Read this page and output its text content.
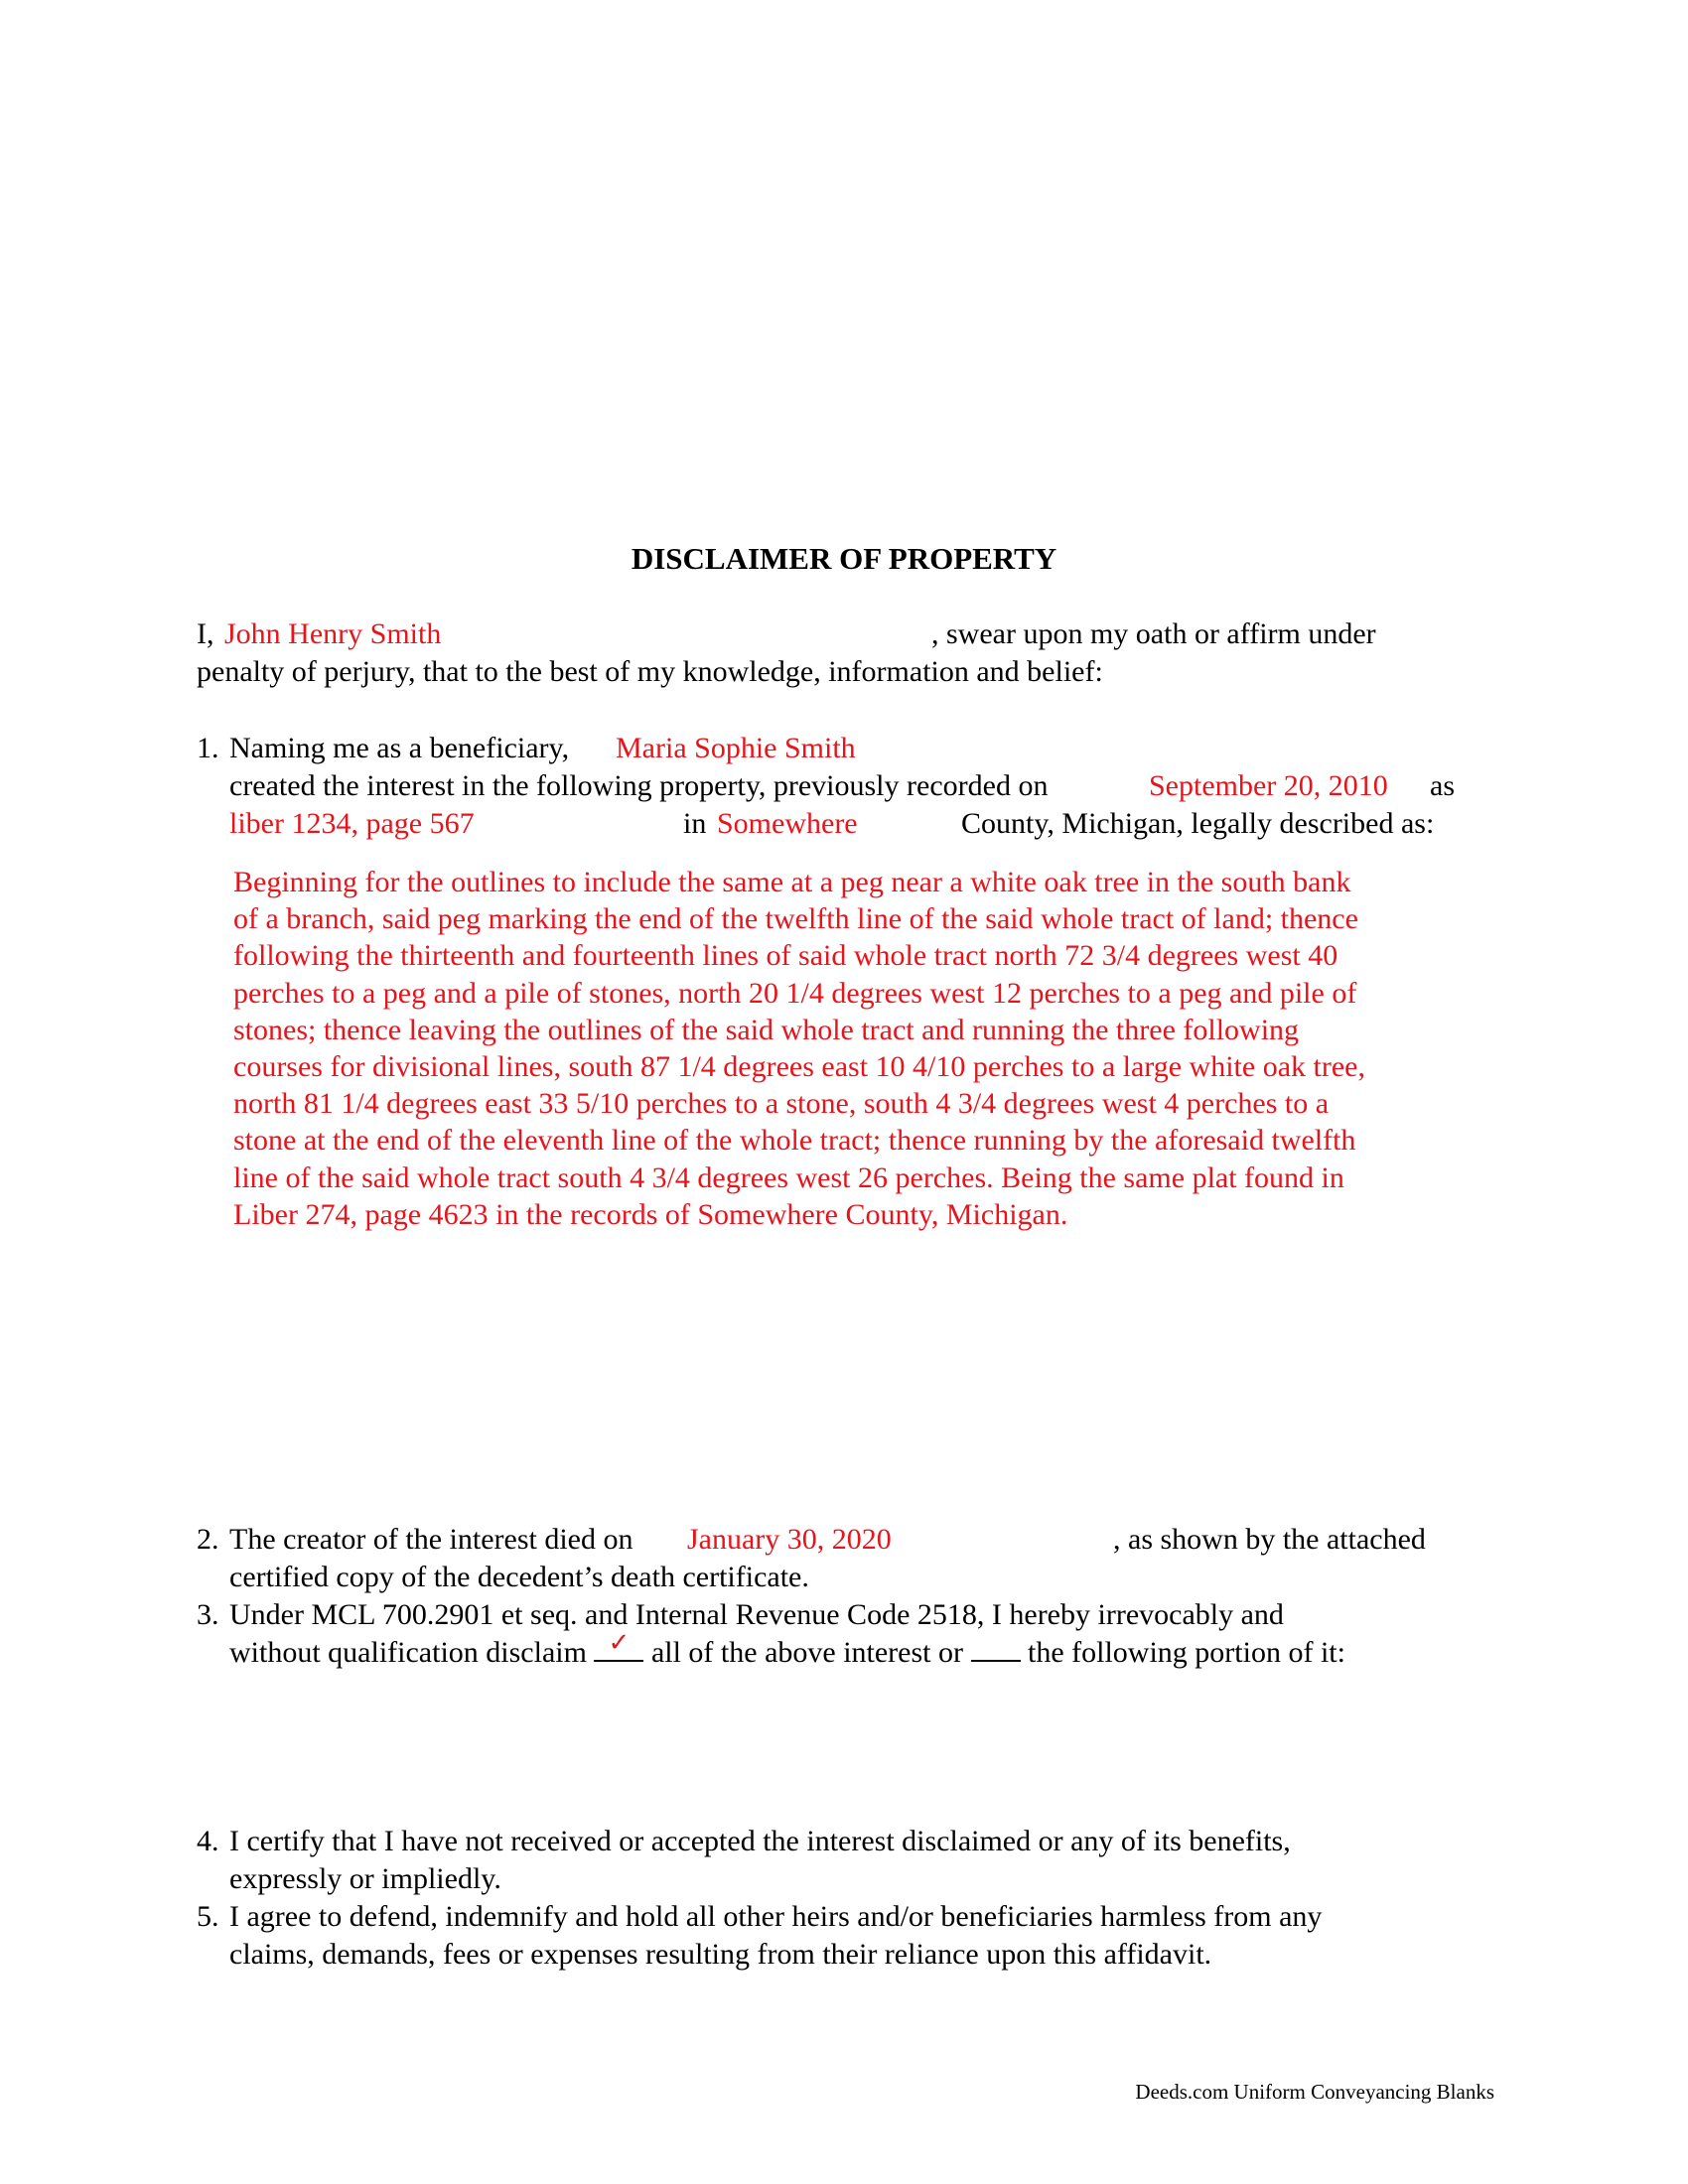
DISCLAIMER OF PROPERTY
I, John Henry Smith	, swear upon my oath or affirm under
penalty of perjury, that to the best of my knowledge, information and belief:
1. Naming me as a beneficiary, Maria Sophie Smith
created the interest in the following property, previously recorded on	September 20, 2010 as
liber 1234, page 567	in Somewhere	County, Michigan, legally described as:
Beginning for the outlines to include the same at a peg near a white oak tree in the south bank
of a branch, said peg marking the end of the twelfth line of the said whole tract of land; thence
following the thirteenth and fourteenth lines of said whole tract north 72 3/4 degrees west 40
perches to a peg and a pile of stones, north 20 1/4 degrees west 12 perches to a peg and pile of
stones; thence leaving the outlines of the said whole tract and running the three following
courses for divisional lines, south 87 1/4 degrees east 10 4/10 perches to a large white oak tree,
north 81 1/4 degrees east 33 5/10 perches to a stone, south 4 3/4 degrees west 4 perches to a
stone at the end of the eleventh line of the whole tract; thence running by the aforesaid twelfth
line of the said whole tract south 4 3/4 degrees west 26 perches. Being the same plat found in
Liber 274, page 4623 in the records of Somewhere County, Michigan.
2. The creator of the interest died on January 30, 2020	, as shown by the attached
certified copy of the decedent’s death certificate.
3. Under MCL 700.2901 et seq. and Internal Revenue Code 2518, I hereby irrevocably and
without qualification disclaim ✓ all of the above interest or the following portion of it:
4. I certify that I have not received or accepted the interest disclaimed or any of its benefits,
expressly or impliedly.
5. I agree to defend, indemnify and hold all other heirs and/or beneficiaries harmless from any
claims, demands, fees or expenses resulting from their reliance upon this affidavit.
Deeds.com Uniform Conveyancing Blanks
